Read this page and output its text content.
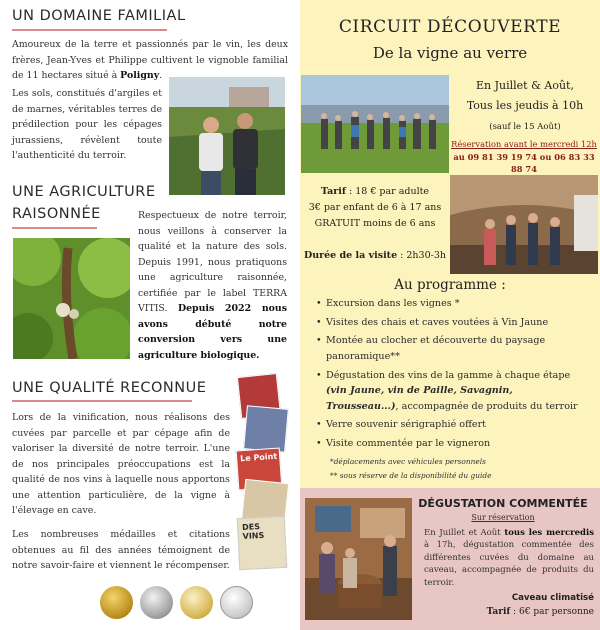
UN DOMAINE FAMILIAL

Amoureux de la terre et passionnés par le vin, les deux frères, Jean-Yves et Philippe cultivent le vignoble familial de 11 hectares situé à Poligny.

Les sols, constitués d'argiles et de marnes, véritables terres de prédilection pour les cépages jurassiens, révèlent toute l'authenticité du terroir.

UNE AGRICULTURE
RAISONNÉE	Respectueux de notre terroir, nous veillons à conserver la qualité et la nature des sols. Depuis 1991, nous pratiquons une agriculture raisonnée, certifiée par le label TERRA VITIS. Depuis 2022 nous avons débuté notre conversion vers une agriculture biologique.

UNE QUALITÉ RECONNUE

Lors de la vinification, nous réalisons des cuvées par parcelle et par cépage afin de valoriser la diversité de notre terroir. L'une de nos principales préoccupations est la qualité de nos vins à laquelle nous apportons une attention particulière, de la vigne à l'élevage en cave.

Les nombreuses médailles et citations obtenues au fil des années témoignent de notre savoir-faire et viennent le récompenser.

Le Point
DES VINS
CIRCUIT DÉCOUVERTE
De la vigne au verre
En Juillet & Août,
Tous les jeudis à 10h
(sauf le 15 Août)
Réservation avant le mercredi 12h
au 09 81 39 19 74 ou 06 83 33 88 74
Tarif : 18 € par adulte
3€ par enfant de 6 à 17 ans
GRATUIT moins de 6 ans
Durée de la visite : 2h30-3h
Au programme :
• Excursion dans les vignes *
• Visites des chais et caves voutées à Vin Jaune
• Montée au clocher et découverte du paysage panoramique**
• Dégustation des vins de la gamme à chaque étape (vin Jaune, vin de Paille, Savagnin, Trousseau...), accompagnée de produits du terroir
• Verre souvenir sérigraphié offert
• Visite commentée par le vigneron
*déplacements avec véhicules personnels
** sous réserve de la disponibilité du guide
DÉGUSTATION COMMENTÉE
Sur réservation

En Juillet et Août tous les mercredis à 17h, dégustation commentée des différentes cuvées du domaine au caveau, accompagnée de produits du terroir.

Caveau climatisé
Tarif : 6€ par personne
